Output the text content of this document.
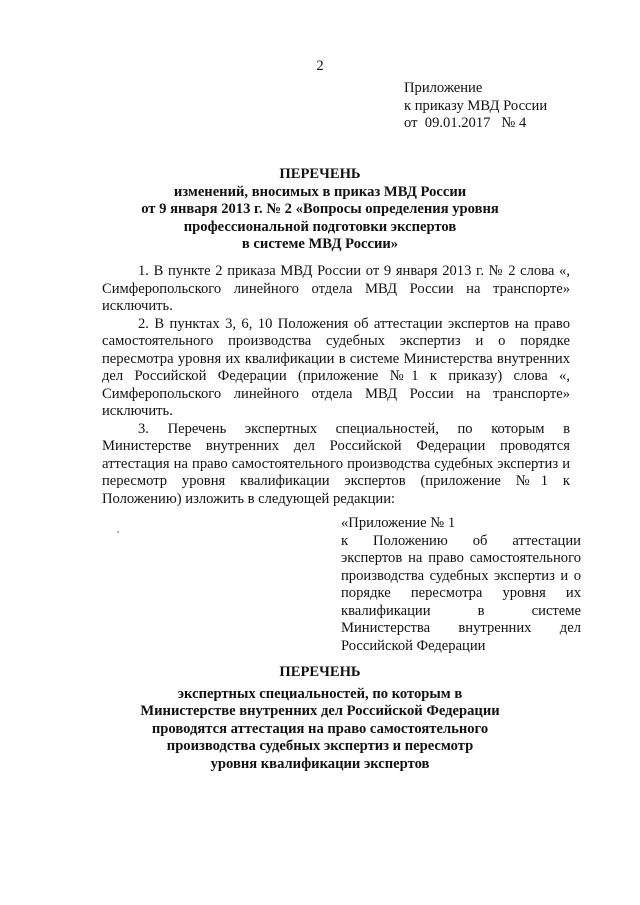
2
Приложение
к приказу МВД России
от  09.01.2017   № 4
ПЕРЕЧЕНЬ
изменений, вносимых в приказ МВД России
от 9 января 2013 г. № 2 «Вопросы определения уровня
профессиональной подготовки экспертов
в системе МВД России»

1. В пункте 2 приказа МВД России от 9 января 2013 г. № 2 слова «, Симферопольского линейного отдела МВД России на транспорте» исключить.

2. В пунктах 3, 6, 10 Положения об аттестации экспертов на право самостоятельного производства судебных экспертиз и о порядке пересмотра уровня их квалификации в системе Министерства внутренних дел Российской Федерации (приложение №1 к приказу) слова «, Симферопольского линейного отдела МВД России на транспорте» исключить.

3. Перечень экспертных специальностей, по которым в Министерстве внутренних дел Российской Федерации проводятся аттестация на право самостоятельного производства судебных экспертиз и пересмотр уровня квалификации экспертов (приложение №1 к Положению) изложить в следующей редакции:

«Приложение № 1
к Положению об аттестации экспертов на право самостоятельного производства судебных экспертиз и о порядке пересмотра уровня их квалификации в системе Министерства внутренних дел Российской Федерации
ПЕРЕЧЕНЬ
экспертных специальностей, по которым в
Министерстве внутренних дел Российской Федерации
проводятся аттестация на право самостоятельного
производства судебных экспертиз и пересмотр
уровня квалификации экспертов
